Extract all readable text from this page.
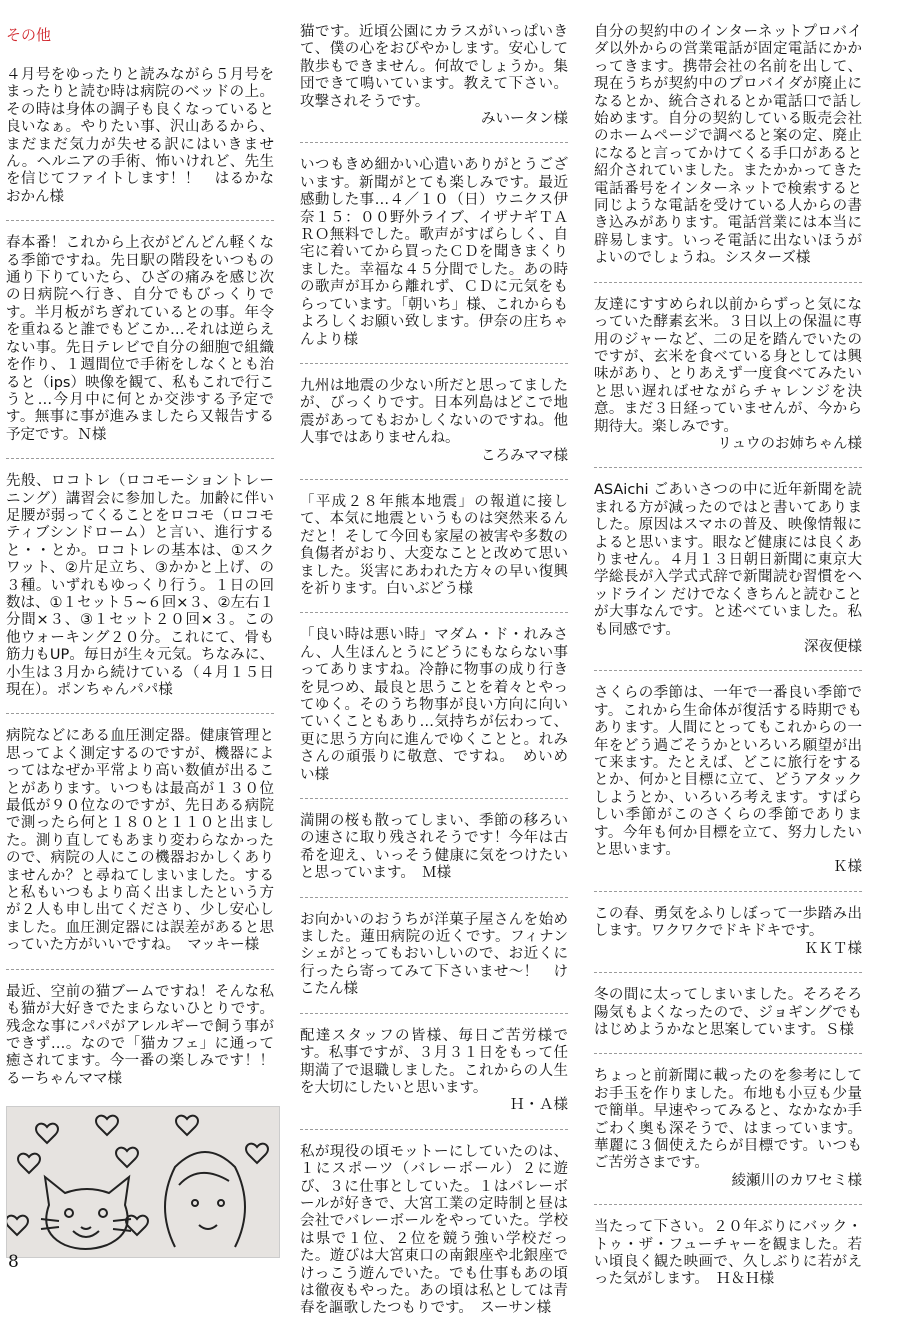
その他
４月号をゆったりと読みながら５月号をまったりと読む時は病院のベッドの上。その時は身体の調子も良くなっていると良いなぁ。やりたい事、沢山あるから、まだまだ気力が失せる訳にはいきません。ヘルニアの手術、怖いけれど、先生を信じてファイトします！！　はるかなおかん様
春本番！これから上衣がどんどん軽くなる季節ですね。先日駅の階段をいつもの通り下りていたら、ひざの痛みを感じ次の日病院へ行き、自分でもびっくりです。半月板がちぎれているとの事。年令を重ねると誰でもどこか…それは逆らえない事。先日テレビで自分の細胞で組織を作り、１週間位で手術をしなくとも治ると（ips）映像を観て、私もこれで行こうと…今月中に何とか交渉する予定です。無事に事が進みましたら又報告する予定です。Ｎ様
先般、ロコトレ（ロコモーショントレーニング）講習会に参加した。加齢に伴い足腰が弱ってくることをロコモ（ロコモティブシンドローム）と言い、進行すると・・とか。ロコトレの基本は、①スクワット、②片足立ち、③かかと上げ、の３種。いずれもゆっくり行う。１日の回数は、①１セット５~６回×３、②左右１分間×３、③１セット２０回×３。この他ウォーキング２０分。これにて、骨も筋力もUP。毎日が生々元気。ちなみに、小生は３月から続けている（４月１５日現在）。ポンちゃんパパ様
病院などにある血圧測定器。健康管理と思ってよく測定するのですが、機器によってはなぜか平常より高い数値が出ることがあります。いつもは最高が１３０位最低が９０位なのですが、先日ある病院で測ったら何と１８０と１１０と出ました。測り直してもあまり変わらなかったので、病院の人にこの機器おかしくありませんか？と尋ねてしまいました。すると私もいつもより高く出ましたという方が２人も申し出てくださり、少し安心しました。血圧測定器には誤差があると思っていた方がいいですね。　マッキー様
最近、空前の猫ブームですね！そんな私も猫が大好きでたまらないひとりです。残念な事にパパがアレルギーで飼う事ができず…。なので「猫カフェ」に通って癒されてます。今一番の楽しみです！！　るーちゃんママ様
猫です。近頃公園にカラスがいっぱいきて、僕の心をおびやかします。安心して散歩もできません。何故でしょうか。集団できて鳴いています。教えて下さい。攻撃されそうです。
みいータン様
いつもきめ細かい心遣いありがとうございます。新聞がとても楽しみです。最近感動した事…４／１０（日）ウニクス伊奈１５：００野外ライブ、イザナギＴＡＲＯ無料でした。歌声がすばらしく、自宅に着いてから買ったＣＤを聞きまくりました。幸福な４５分間でした。あの時の歌声が耳から離れず、ＣＤに元気をもらっています。「朝いち」様、これからもよろしくお願い致します。伊奈の庄ちゃんより様
九州は地震の少ない所だと思ってましたが、びっくりです。日本列島はどこで地震があってもおかしくないのですね。他人事ではありませんね。
ころみママ様
「平成２８年熊本地震」の報道に接して、本気に地震というものは突然来るんだと！そして今回も家屋の被害や多数の負傷者がおり、大変なことと改めて思いました。災害にあわれた方々の早い復興を祈ります。白いぶどう様
「良い時は悪い時」マダム・ド・れみさん、人生ほんとうにどうにもならない事ってありますね。冷静に物事の成り行きを見つめ、最良と思うことを着々とやってゆく。そのうち物事が良い方向に向いていくこともあり…気持ちが伝わって、更に思う方向に進んでゆくことと。れみさんの頑張りに敬意、ですね。　めいめい様
満開の桜も散ってしまい、季節の移ろいの速さに取り残されそうです！今年は古希を迎え、いっそう健康に気をつけたいと思っています。　Ｍ様
お向かいのおうちが洋菓子屋さんを始めました。蓮田病院の近くです。フィナンシェがとってもおいしいので、お近くに行ったら寄ってみて下さいませ～！　けこたん様
配達スタッフの皆様、毎日ご苦労様です。私事ですが、３月３１日をもって任期満了で退職しました。これからの人生を大切にしたいと思います。
Ｈ・Ａ様
私が現役の頃モットーにしていたのは、１にスポーツ（バレーボール）２に遊び、３に仕事としていた。１はバレーボールが好きで、大宮工業の定時制と昼は会社でバレーボールをやっていた。学校は県で１位、２位を競う強い学校だった。遊びは大宮東口の南銀座や北銀座でけっこう遊んでいた。でも仕事もあの頃は徹夜もやった。あの頃は私としては青春を謳歌したつもりです。　スーサン様
自分の契約中のインターネットプロバイダ以外からの営業電話が固定電話にかかってきます。携帯会社の名前を出して、現在うちが契約中のプロバイダが廃止になるとか、統合されるとか電話口で話し始めます。自分の契約している販売会社のホームページで調べると案の定、廃止になると言ってかけてくる手口があると紹介されていました。またかかってきた電話番号をインターネットで検索すると同じような電話を受けている人からの書き込みがあります。電話営業には本当に辟易します。いっそ電話に出ないほうがよいのでしょうね。シスターズ様
友達にすすめられ以前からずっと気になっていた酵素玄米。３日以上の保温に専用のジャーなど、二の足を踏んでいたのですが、玄米を食べている身としては興味があり、とりあえず一度食べてみたいと思い遅ればせながらチャレンジを決意。まだ３日経っていませんが、今から期待大。楽しみです。
リュウのお姉ちゃん様
ASAichi ごあいさつの中に近年新聞を読まれる方が減ったのではと書いてありました。原因はスマホの普及、映像情報によると思います。眼など健康には良くありません。４月１３日朝日新聞に東京大学総長が入学式式辞で新聞読む習慣をヘッドライン だけでなくきちんと読むことが大事なんです。と述べていました。私も同感です。
深夜便様
さくらの季節は、一年で一番良い季節です。これから生命体が復活する時期でもあります。人間にとってもこれからの一年をどう過ごそうかといろいろ願望が出て来ます。たとえば、どこに旅行をするとか、何かと目標に立て、どうアタックしようとか、いろいろ考えます。すばらしい季節がこのさくらの季節であります。今年も何か目標を立て、努力したいと思います。
Ｋ様
この春、勇気をふりしぼって一歩踏み出します。ワクワクでドキドキです。
ＫＫＴ様
冬の間に太ってしまいました。そろそろ陽気もよくなったので、ジョギングでもはじめようかなと思案しています。Ｓ様
ちょっと前新聞に載ったのを参考にしてお手玉を作りました。布地も小豆も少量で簡単。早速やってみると、なかなか手ごわく奥も深そうで、はまっています。華麗に３個使えたらが目標です。いつもご苦労さまです。
綾瀬川のカワセミ様
当たって下さい。２０年ぶりにバック・トゥ・ザ・フューチャーを観ました。若い頃良く観た映画で、久しぶりに若がえった気がします。　Ｈ＆Ｈ様
8
